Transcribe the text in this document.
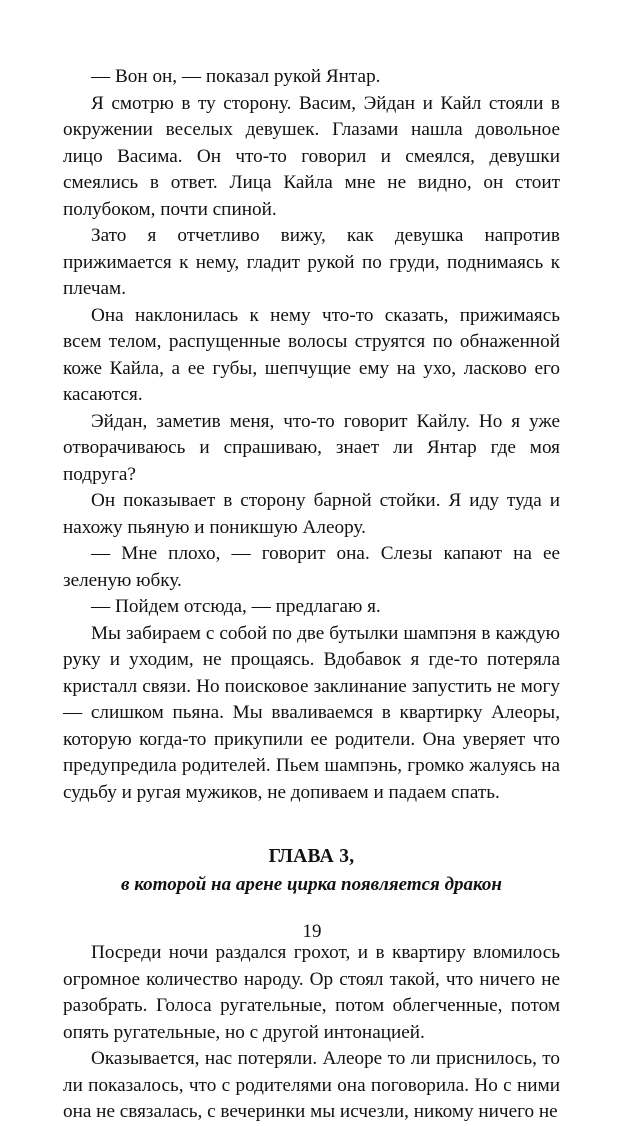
— Вон он, — показал рукой Янтар.

Я смотрю в ту сторону. Васим, Эйдан и Кайл стояли в окружении веселых девушек. Глазами нашла довольное лицо Васима. Он что-то говорил и смеялся, девушки смеялись в ответ. Лица Кайла мне не видно, он стоит полубоком, почти спиной.

Зато я отчетливо вижу, как девушка напротив прижимается к нему, гладит рукой по груди, поднимаясь к плечам.

Она наклонилась к нему что-то сказать, прижимаясь всем телом, распущенные волосы струятся по обнаженной коже Кайла, а ее губы, шепчущие ему на ухо, ласково его касаются.

Эйдан, заметив меня, что-то говорит Кайлу. Но я уже отворачиваюсь и спрашиваю, знает ли Янтар где моя подруга?

Он показывает в сторону барной стойки. Я иду туда и нахожу пьяную и поникшую Алеору.

— Мне плохо, — говорит она. Слезы капают на ее зеленую юбку.

— Пойдем отсюда, — предлагаю я.

Мы забираем с собой по две бутылки шампэня в каждую руку и уходим, не прощаясь. Вдобавок я где-то потеряла кристалл связи. Но поисковое заклинание запустить не могу — слишком пьяна. Мы вваливаемся в квартирку Алеоры, которую когда-то прикупили ее родители. Она уверяет что предупредила родителей. Пьем шампэнь, громко жалуясь на судьбу и ругая мужиков, не допиваем и падаем спать.

ГЛАВА 3,
в которой на арене цирка появляется дракон

Посреди ночи раздался грохот, и в квартиру вломилось огромное количество народу. Ор стоял такой, что ничего не разобрать. Голоса ругательные, потом облегченные, потом опять ругательные, но с другой интонацией.

Оказывается, нас потеряли. Алеоре то ли приснилось, то ли показалось, что с родителями она поговорила. Но с ними она не связалась, с вечеринки мы исчезли, никому ничего не

19
